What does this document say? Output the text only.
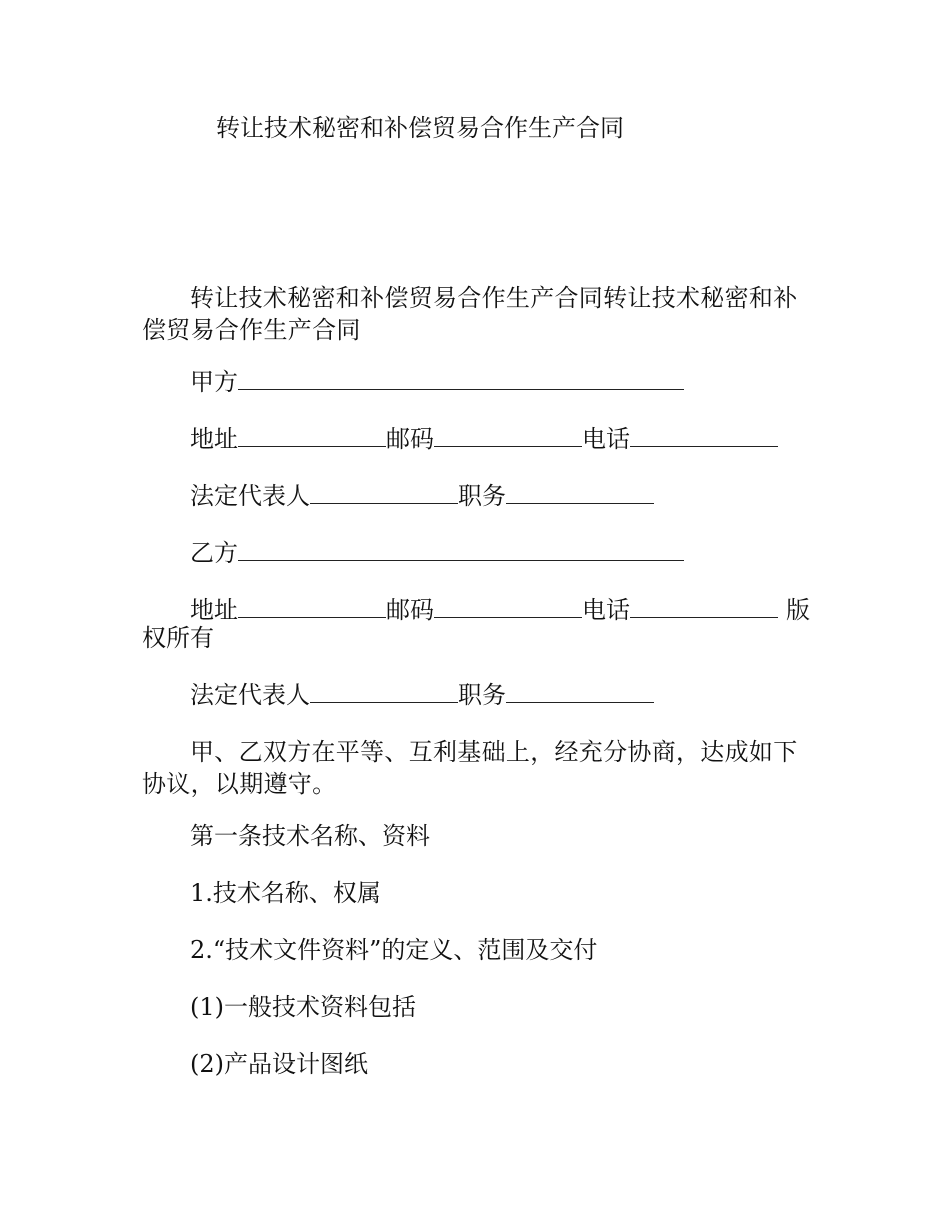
转让技术秘密和补偿贸易合作生产合同

转让技术秘密和补偿贸易合作生产合同转让技术秘密和补偿贸易合作生产合同

甲方

地址	邮码	电话

法定代表人	职务

乙方

地址	邮码	电话	版

权所有

法定代表人	职务

甲、乙双方在平等、互利基础上，经充分协商，达成如下协议，以期遵守。

第一条技术名称、资料

1.技术名称、权属

2.“技术文件资料”的定义、范围及交付

(1)一般技术资料包括

(2)产品设计图纸
